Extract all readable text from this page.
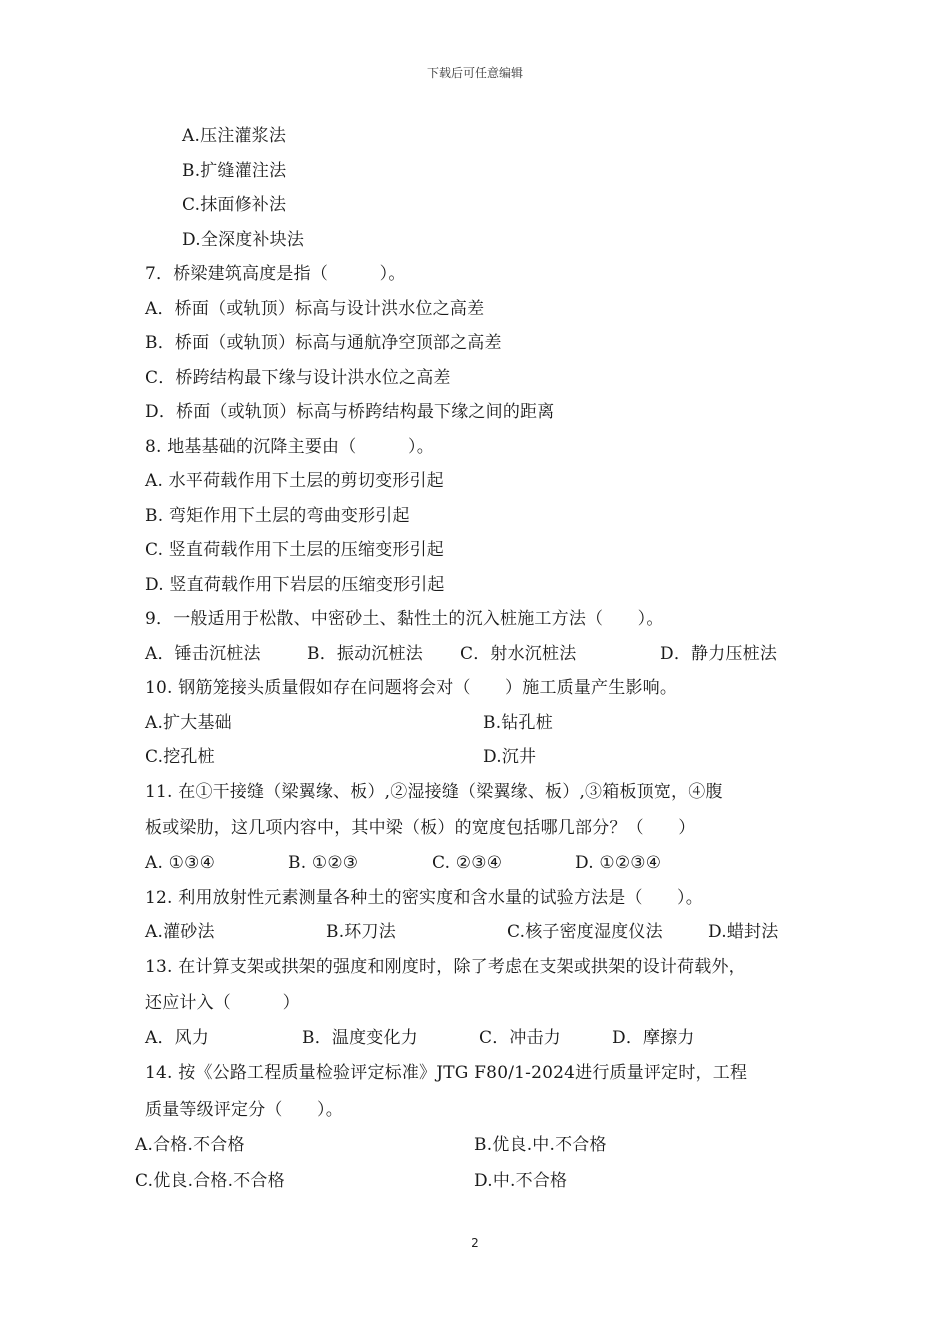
下载后可任意编辑
A.压注灌浆法
B.扩缝灌注法
C.抹面修补法
D.全深度补块法
7．桥梁建筑高度是指（　　　）。
A．桥面（或轨顶）标高与设计洪水位之高差
B．桥面（或轨顶）标高与通航净空顶部之高差
C．桥跨结构最下缘与设计洪水位之高差
D．桥面（或轨顶）标高与桥跨结构最下缘之间的距离
8. 地基基础的沉降主要由（　　　）。
A. 水平荷载作用下土层的剪切变形引起
B. 弯矩作用下土层的弯曲变形引起
C. 竖直荷载作用下土层的压缩变形引起
D. 竖直荷载作用下岩层的压缩变形引起
9．一般适用于松散、中密砂土、黏性土的沉入桩施工方法（　　）。
A．锤击沉桩法	B．振动沉桩法 C．射水沉桩法	D．静力压桩法
10. 钢筋笼接头质量假如存在问题将会对（　　）施工质量产生影响。
A.扩大基础	B.钻孔桩
C.挖孔桩	D.沉井
11. 在①干接缝（梁翼缘、板）,②湿接缝（梁翼缘、板）,③箱板顶宽，④腹
板或梁肋，这几项内容中，其中梁（板）的宽度包括哪几部分？（　　）
A. ①③④	B. ①②③	C. ②③④	D. ①②③④
12. 利用放射性元素测量各种土的密实度和含水量的试验方法是（　　）。
A.灌砂法	B.环刀法	C.核子密度湿度仪法	D.蜡封法
13. 在计算支架或拱架的强度和刚度时，除了考虑在支架或拱架的设计荷载外，
还应计入（　　　）
A．风力	B．温度变化力	C．冲击力	D．摩擦力
14. 按《公路工程质量检验评定标准》JTG F80/1-2024进行质量评定时，工程
质量等级评定分（　　）。
A.合格.不合格	B.优良.中.不合格
C.优良.合格.不合格	D.中.不合格
2
